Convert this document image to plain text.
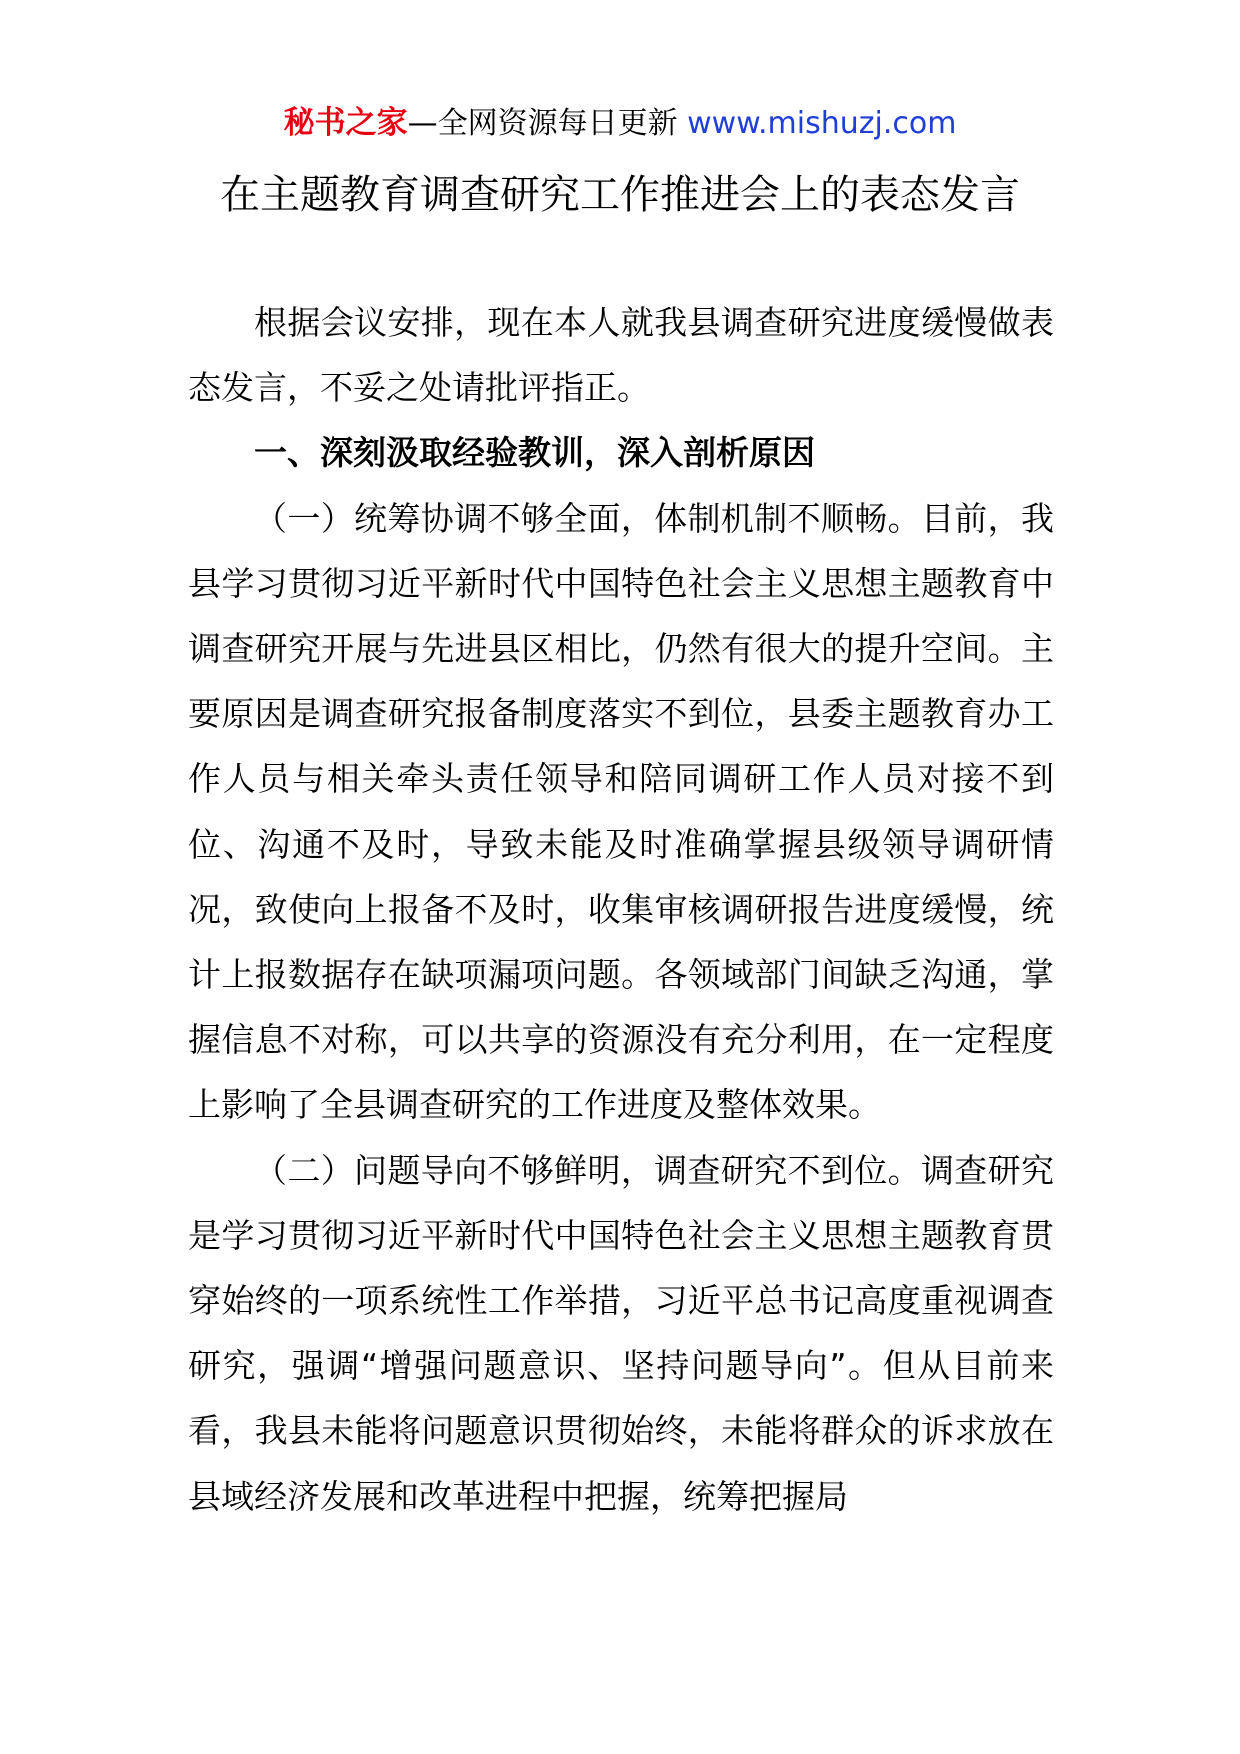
秘书之家—全网资源每日更新 www.mishuzj.com
在主题教育调查研究工作推进会上的表态发言

根据会议安排，现在本人就我县调查研究进度缓慢做表态发言，不妥之处请批评指正。

一、深刻汲取经验教训，深入剖析原因

（一）统筹协调不够全面，体制机制不顺畅。目前，我县学习贯彻习近平新时代中国特色社会主义思想主题教育中调查研究开展与先进县区相比，仍然有很大的提升空间。主要原因是调查研究报备制度落实不到位，县委主题教育办工作人员与相关牵头责任领导和陪同调研工作人员对接不到位、沟通不及时，导致未能及时准确掌握县级领导调研情况，致使向上报备不及时，收集审核调研报告进度缓慢，统计上报数据存在缺项漏项问题。各领域部门间缺乏沟通，掌握信息不对称，可以共享的资源没有充分利用，在一定程度上影响了全县调查研究的工作进度及整体效果。

（二）问题导向不够鲜明，调查研究不到位。调查研究是学习贯彻习近平新时代中国特色社会主义思想主题教育贯穿始终的一项系统性工作举措，习近平总书记高度重视调查研究，强调“增强问题意识、坚持问题导向”。但从目前来看，我县未能将问题意识贯彻始终，未能将群众的诉求放在县域经济发展和改革进程中把握，统筹把握局
